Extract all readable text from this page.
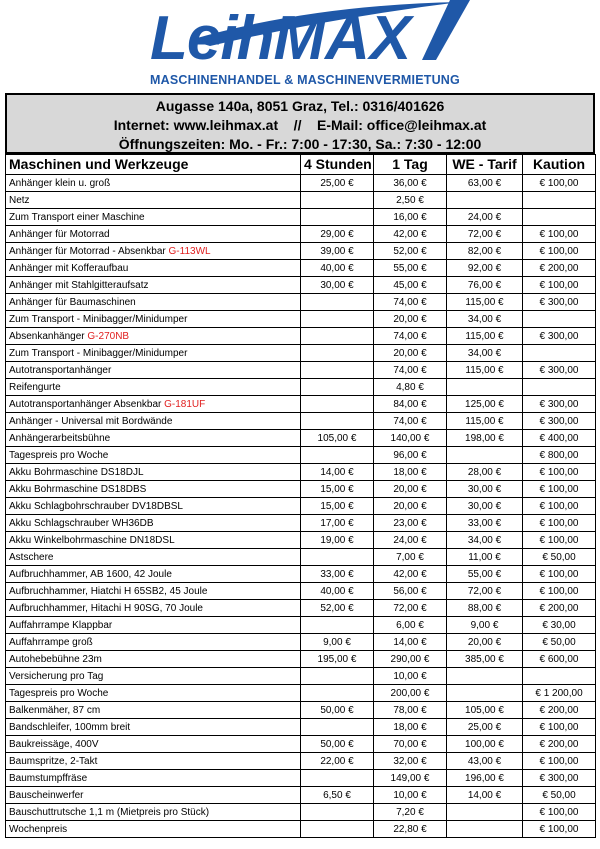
LeihMAX
MASCHINENHANDEL & MASCHINENVERMIETUNG
Augasse 140a, 8051 Graz, Tel.: 0316/401626
Internet: www.leihmax.at    //    E-Mail: office@leihmax.at
Öffnungszeiten: Mo. - Fr.: 7:00 - 17:30, Sa.: 7:30 - 12:00
Maschinen und Werkzeuge	4 Stunden	1 Tag	WE - Tarif	Kaution
Anhänger klein u. groß	25,00 €	36,00 €	63,00 €	€ 100,00
Netz		2,50 €		
Zum Transport einer Maschine		16,00 €	24,00 €	
Anhänger für Motorrad	29,00 €	42,00 €	72,00 €	€ 100,00
Anhänger für Motorrad - Absenkbar G-113WL	39,00 €	52,00 €	82,00 €	€ 100,00
Anhänger mit Kofferaufbau	40,00 €	55,00 €	92,00 €	€ 200,00
Anhänger mit Stahlgitteraufsatz	30,00 €	45,00 €	76,00 €	€ 100,00
Anhänger für Baumaschinen		74,00 €	115,00 €	€ 300,00
Zum Transport - Minibagger/Minidumper		20,00 €	34,00 €	
Absenkanhänger G-270NB		74,00 €	115,00 €	€ 300,00
Zum Transport - Minibagger/Minidumper		20,00 €	34,00 €	
Autotransportanhänger		74,00 €	115,00 €	€ 300,00
Reifengurte		4,80 €		
Autotransportanhänger Absenkbar G-181UF		84,00 €	125,00 €	€ 300,00
Anhänger - Universal mit Bordwände		74,00 €	115,00 €	€ 300,00
Anhängerarbeitsbühne	105,00 €	140,00 €	198,00 €	€ 400,00
Tagespreis pro Woche		96,00 €		€ 800,00
Akku Bohrmaschine DS18DJL	14,00 €	18,00 €	28,00 €	€ 100,00
Akku Bohrmaschine DS18DBS	15,00 €	20,00 €	30,00 €	€ 100,00
Akku Schlagbohrschrauber DV18DBSL	15,00 €	20,00 €	30,00 €	€ 100,00
Akku Schlagschrauber WH36DB	17,00 €	23,00 €	33,00 €	€ 100,00
Akku Winkelbohrmaschine DN18DSL	19,00 €	24,00 €	34,00 €	€ 100,00
Astschere		7,00 €	11,00 €	€ 50,00
Aufbruchhammer, AB 1600, 42 Joule	33,00 €	42,00 €	55,00 €	€ 100,00
Aufbruchhammer, Hiatchi H 65SB2, 45 Joule	40,00 €	56,00 €	72,00 €	€ 100,00
Aufbruchhammer, Hitachi H 90SG, 70 Joule	52,00 €	72,00 €	88,00 €	€ 200,00
Auffahrrampe Klappbar		6,00 €	9,00 €	€ 30,00
Auffahrrampe groß	9,00 €	14,00 €	20,00 €	€ 50,00
Autohebebühne 23m	195,00 €	290,00 €	385,00 €	€ 600,00
Versicherung pro Tag		10,00 €		
Tagespreis pro Woche		200,00 €		€ 1 200,00
Balkenmäher, 87 cm	50,00 €	78,00 €	105,00 €	€ 200,00
Bandschleifer, 100mm breit		18,00 €	25,00 €	€ 100,00
Baukreissäge, 400V	50,00 €	70,00 €	100,00 €	€ 200,00
Baumspritze, 2-Takt	22,00 €	32,00 €	43,00 €	€ 100,00
Baumstumpffräse		149,00 €	196,00 €	€ 300,00
Bauscheinwerfer	6,50 €	10,00 €	14,00 €	€ 50,00
Bauschuttrutsche 1,1 m (Mietpreis pro Stück)		7,20 €		€ 100,00
Wochenpreis		22,80 €		€ 100,00
